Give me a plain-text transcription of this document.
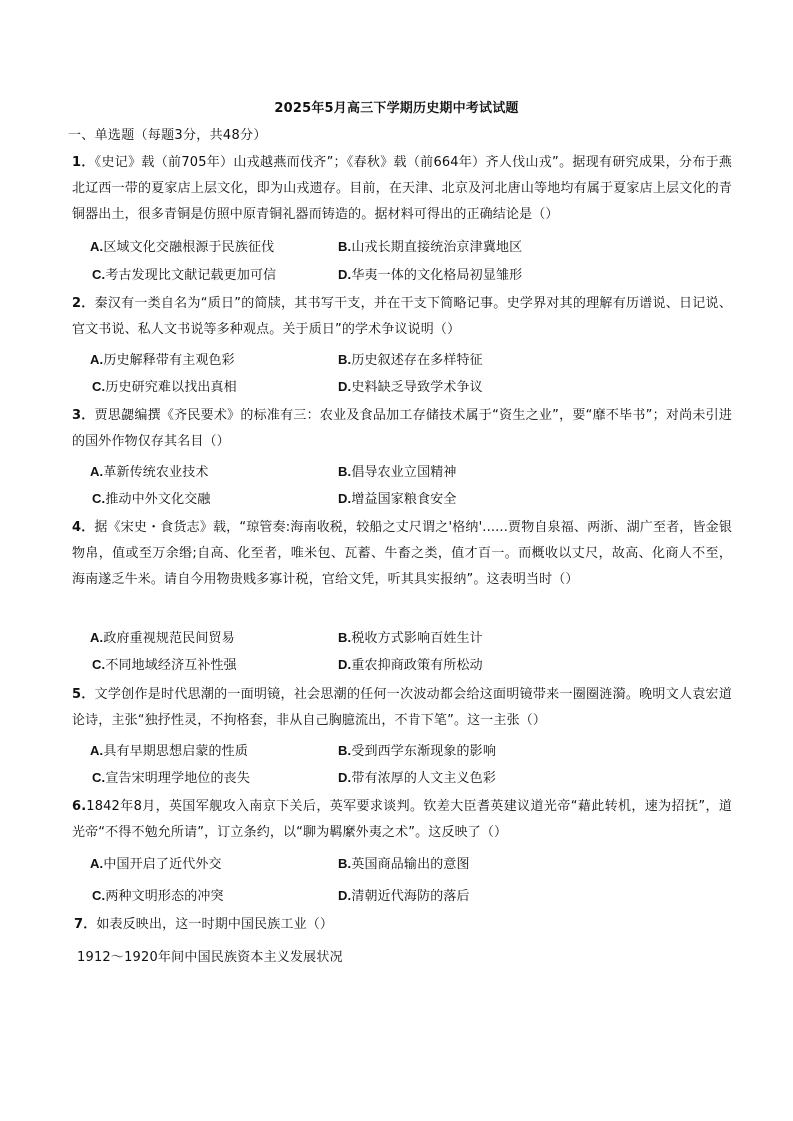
2025年5月高三下学期历史期中考试试题
一、单选题（每题3分，共48分）
1．《史记》载（前705年）山戎越燕而伐齐”；《春秋》载（前664年）齐人伐山戎”。据现有研究成果，分布于燕北辽西一带的夏家店上层文化，即为山戎遗存。目前，在天津、北京及河北唐山等地均有属于夏家店上层文化的青铜器出土，很多青铜是仿照中原青铜礼器而铸造的。据材料可得出的正确结论是（）
A.区域文化交融根源于民族征伐	B.山戎长期直接统治京津冀地区
C.考古发现比文献记载更加可信	D.华夷一体的文化格局初显雏形
2．秦汉有一类自名为“质日”的简牍，其书写干支，并在干支下简略记事。史学界对其的理解有历谱说、日记说、官文书说、私人文书说等多种观点。关于质日”的学术争议说明（）
A.历史解释带有主观色彩	B.历史叙述存在多样特征
C.历史研究难以找出真相	D.史料缺乏导致学术争议
3．贾思勰编撰《齐民要术》的标准有三：农业及食品加工存储技术属于“资生之业”，要“靡不毕书”；对尚未引进的国外作物仅存其名目（）
A.革新传统农业技术	B.倡导农业立国精神
C.推动中外文化交融	D.增益国家粮食安全
4．据《宋史・食货志》载，“琼管奏:海南收税，较船之丈尺谓之'格纳'......贾物自泉福、两浙、湖广至者，皆金银物帛，值或至万余缗;自高、化至者，唯米包、瓦蓄、牛畜之类，值才百一。而概收以丈尺，故高、化商人不至，海南遂乏牛米。请自今用物贵贱多寡计税，官给文凭，听其具实报纳”。这表明当时（）
A.政府重视规范民间贸易	B.税收方式影响百姓生计
C.不同地域经济互补性强	D.重农抑商政策有所松动
5．文学创作是时代思潮的一面明镜，社会思潮的任何一次波动都会给这面明镜带来一圈圈涟漪。晚明文人袁宏道论诗，主张“独抒性灵，不拘格套，非从自己胸臆流出，不肯下笔”。这一主张（）
A.具有早期思想启蒙的性质	B.受到西学东渐现象的影响
C.宣告宋明理学地位的丧失	D.带有浓厚的人文主义色彩
6.1842年8月，英国军舰攻入南京下关后，英军要求谈判。钦差大臣耆英建议道光帝“藉此转机，速为招抚”，道光帝“不得不勉允所请”，订立条约，以“聊为羁縻外夷之术”。这反映了（）
A.中国开启了近代外交	B.英国商品输出的意图
C.两种文明形态的冲突	D.清朝近代海防的落后
7．如表反映出，这一时期中国民族工业（）
1912～1920年间中国民族资本主义发展状况
